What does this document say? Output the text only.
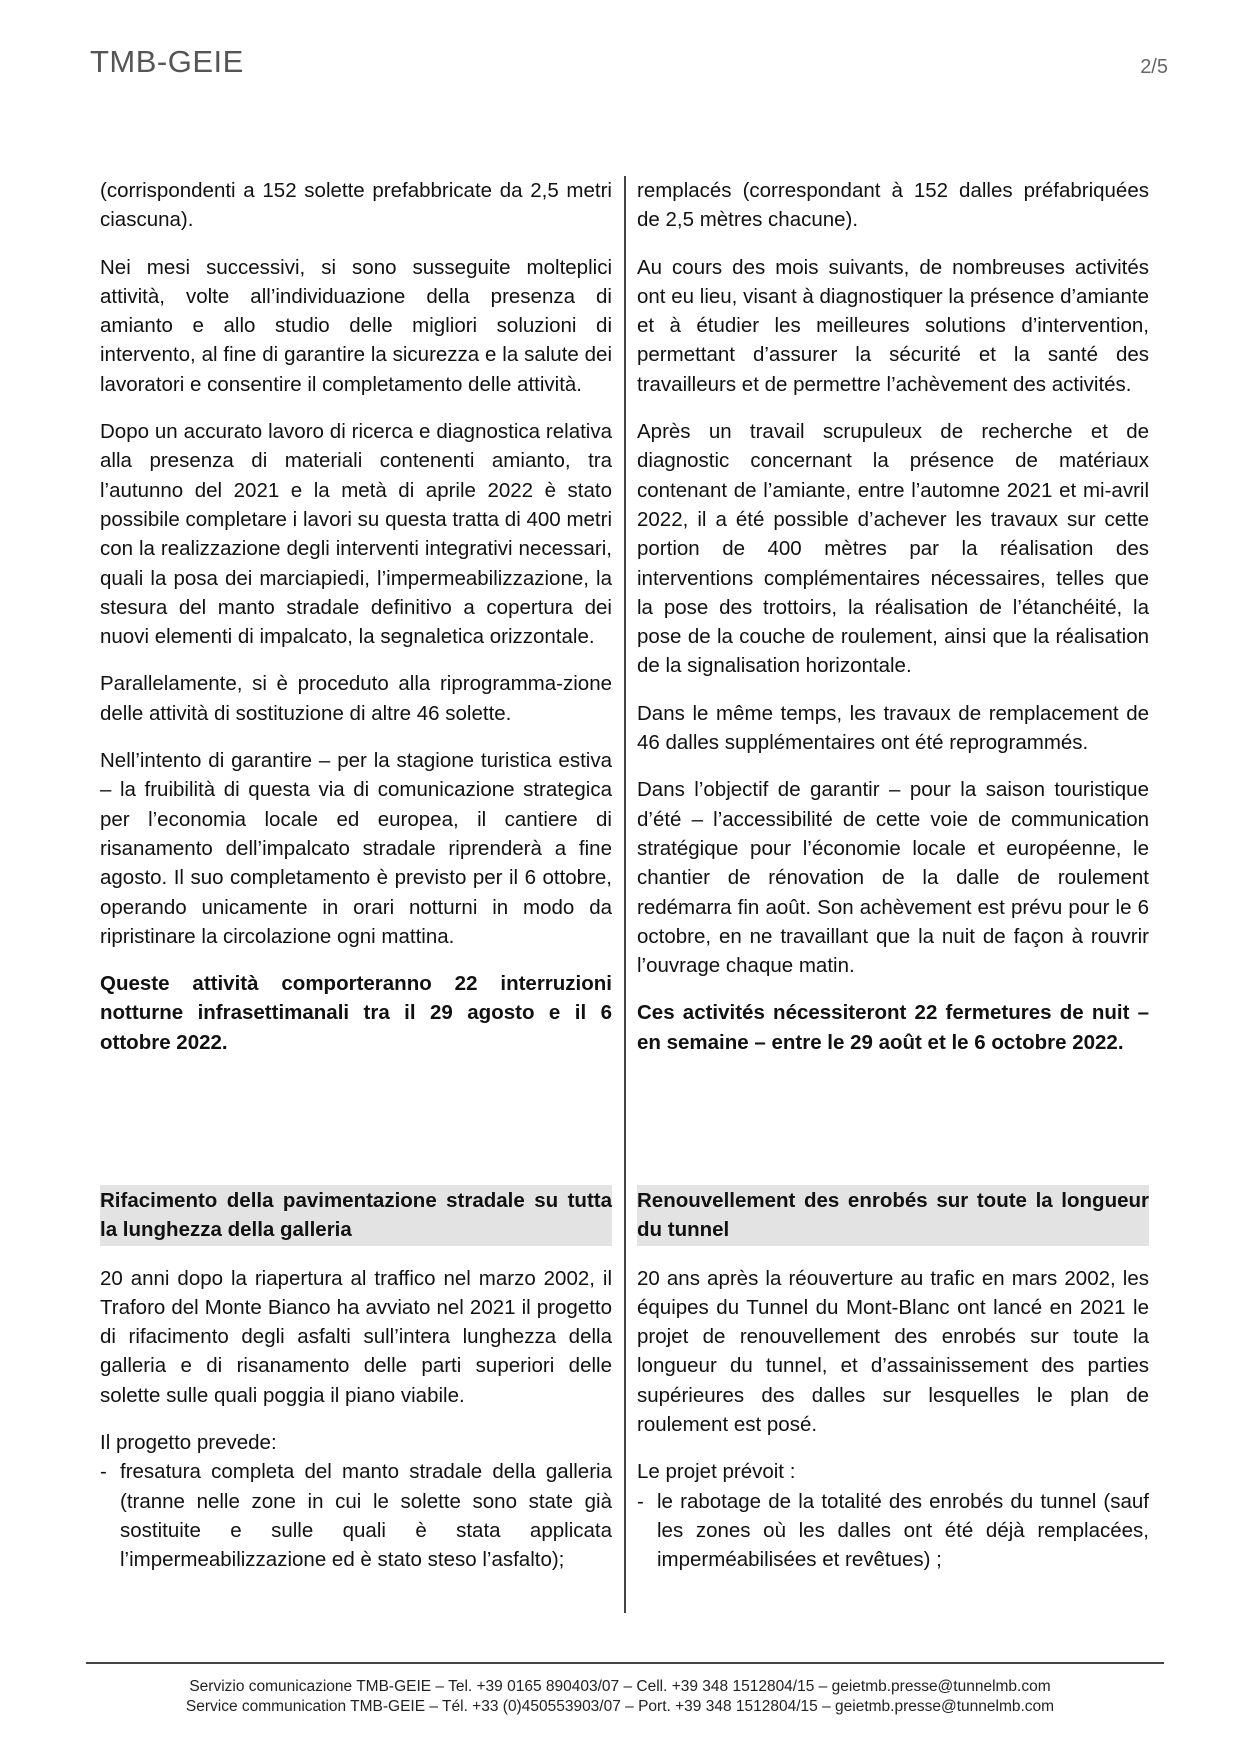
TMB-GEIE	2/5

(corrispondenti a 152 solette prefabbricate da 2,5 metri ciascuna).

Nei mesi successivi, si sono susseguite molteplici attività, volte all’individuazione della presenza di amianto e allo studio delle migliori soluzioni di intervento, al fine di garantire la sicurezza e la salute dei lavoratori e consentire il completamento delle attività.

Dopo un accurato lavoro di ricerca e diagnostica relativa alla presenza di materiali contenenti amianto, tra l’autunno del 2021 e la metà di aprile 2022 è stato possibile completare i lavori su questa tratta di 400 metri con la realizzazione degli interventi integrativi necessari, quali la posa dei marciapiedi, l’impermeabilizzazione, la stesura del manto stradale definitivo a copertura dei nuovi elementi di impalcato, la segnaletica orizzontale.

Parallelamente, si è proceduto alla riprogramma-zione delle attività di sostituzione di altre 46 solette.

Nell’intento di garantire – per la stagione turistica estiva – la fruibilità di questa via di comunicazione strategica per l’economia locale ed europea, il cantiere di risanamento dell’impalcato stradale riprenderà a fine agosto. Il suo completamento è previsto per il 6 ottobre, operando unicamente in orari notturni in modo da ripristinare la circolazione ogni mattina.

Queste attività comporteranno 22 interruzioni notturne infrasettimanali tra il 29 agosto e il 6 ottobre 2022.

remplacés (correspondant à 152 dalles préfabriquées de 2,5 mètres chacune).

Au cours des mois suivants, de nombreuses activités ont eu lieu, visant à diagnostiquer la présence d’amiante et à étudier les meilleures solutions d’intervention, permettant d’assurer la sécurité et la santé des travailleurs et de permettre l’achèvement des activités.

Après un travail scrupuleux de recherche et de diagnostic concernant la présence de matériaux contenant de l’amiante, entre l’automne 2021 et mi-avril 2022, il a été possible d’achever les travaux sur cette portion de 400 mètres par la réalisation des interventions complémentaires nécessaires, telles que la pose des trottoirs, la réalisation de l’étanchéité, la pose de la couche de roulement, ainsi que la réalisation de la signalisation horizontale.

Dans le même temps, les travaux de remplacement de 46 dalles supplémentaires ont été reprogrammés.

Dans l’objectif de garantir – pour la saison touristique d’été – l’accessibilité de cette voie de communication stratégique pour l’économie locale et européenne, le chantier de rénovation de la dalle de roulement redémarra fin août. Son achèvement est prévu pour le 6 octobre, en ne travaillant que la nuit de façon à rouvrir l’ouvrage chaque matin.

Ces activités nécessiteront 22 fermetures de nuit – en semaine – entre le 29 août et le 6 octobre 2022.

Rifacimento della pavimentazione stradale su tutta la lunghezza della galleria

20 anni dopo la riapertura al traffico nel marzo 2002, il Traforo del Monte Bianco ha avviato nel 2021 il progetto di rifacimento degli asfalti sull’intera lunghezza della galleria e di risanamento delle parti superiori delle solette sulle quali poggia il piano viabile.

Il progetto prevede:

- fresatura completa del manto stradale della galleria (tranne nelle zone in cui le solette sono state già sostituite e sulle quali è stata applicata l’impermeabilizzazione ed è stato steso l’asfalto);

Renouvellement des enrobés sur toute la longueur du tunnel

20 ans après la réouverture au trafic en mars 2002, les équipes du Tunnel du Mont-Blanc ont lancé en 2021 le projet de renouvellement des enrobés sur toute la longueur du tunnel, et d’assainissement des parties supérieures des dalles sur lesquelles le plan de roulement est posé.

Le projet prévoit :

- le rabotage de la totalité des enrobés du tunnel (sauf les zones où les dalles ont été déjà remplacées, imperméabilisées et revêtues) ;
Servizio comunicazione TMB-GEIE – Tel. +39 0165 890403/07 – Cell. +39 348 1512804/15 – geietmb.presse@tunnelmb.com
Service communication TMB-GEIE – Tél. +33 (0)450553903/07 – Port. +39 348 1512804/15 – geietmb.presse@tunnelmb.com
